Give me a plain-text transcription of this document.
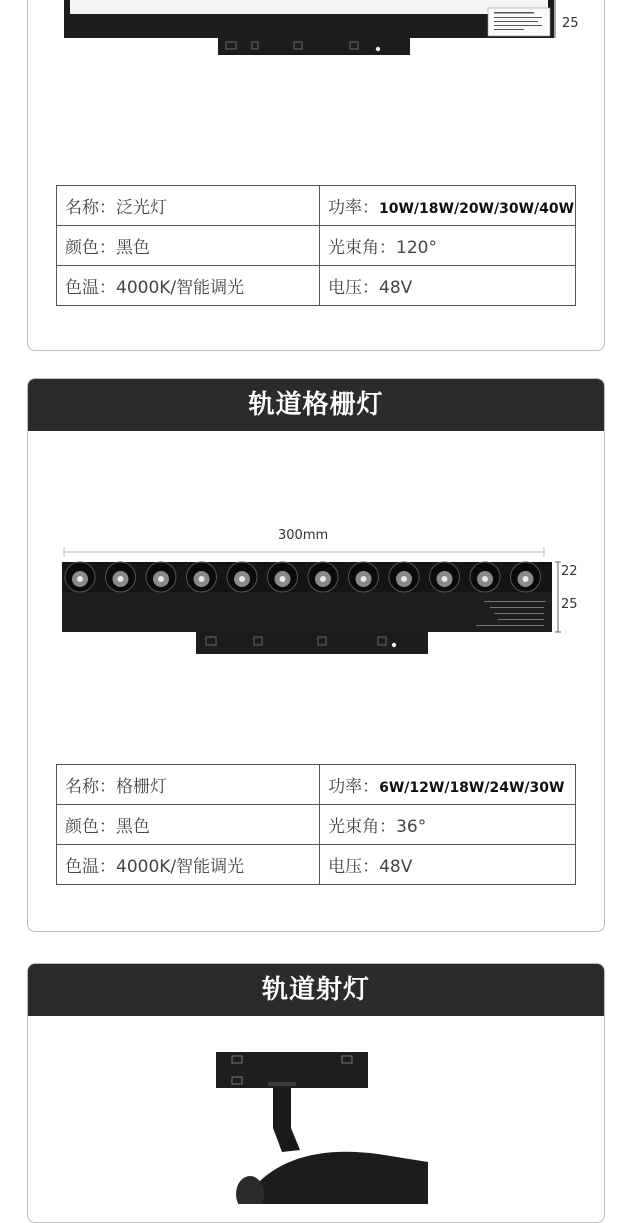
25
名称：泛光灯	功率：10W/18W/20W/30W/40W
颜色：黑色	光束角：120°
色温：4000K/智能调光	电压：48V
轨道格栅灯
300mm
22
25
名称：格栅灯	功率：6W/12W/18W/24W/30W
颜色：黑色	光束角：36°
色温：4000K/智能调光	电压：48V
轨道射灯
